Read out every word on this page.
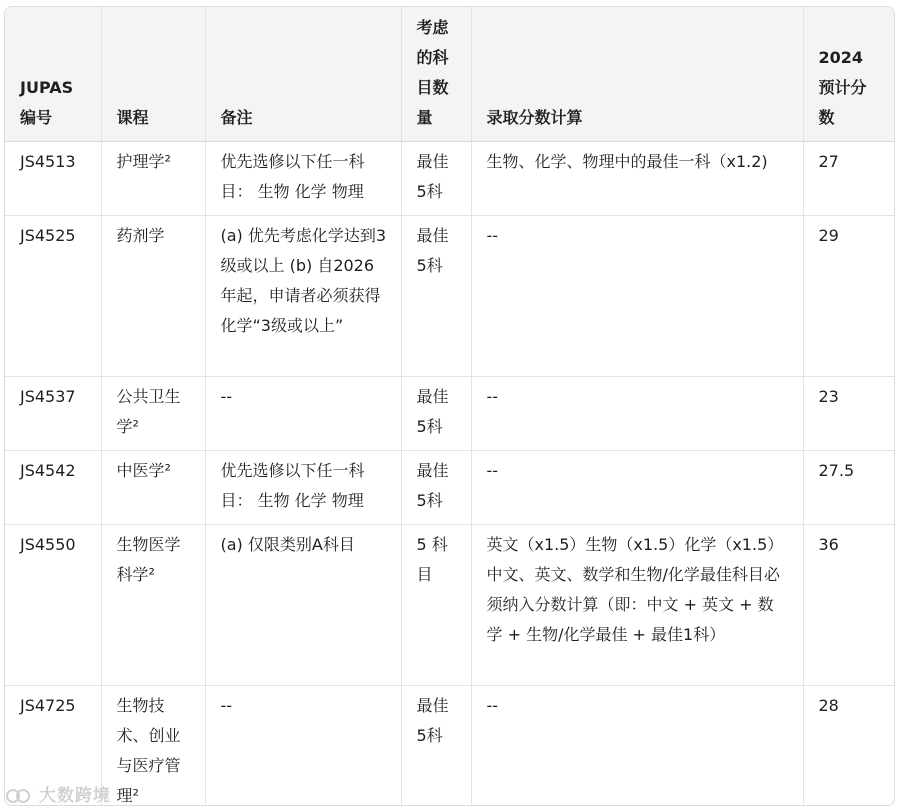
JUPAS 编号	课程	备注	考虑的科目数量	录取分数计算	2024 预计分数
JS4513	护理学²	优先选修以下任一科目： 生物 化学 物理	最佳5科	生物、化学、物理中的最佳一科（x1.2)	27
JS4525	药剂学	(a) 优先考虑化学达到3级或以上 (b) 自2026年起，申请者必须获得化学“3级或以上”	最佳5科	--	29
JS4537	公共卫生学²	--	最佳5科	--	23
JS4542	中医学²	优先选修以下任一科目： 生物 化学 物理	最佳5科	--	27.5
JS4550	生物医学科学²	(a) 仅限类别A科目	5 科目	英文（x1.5）生物（x1.5）化学（x1.5）中文、英文、数学和生物/化学最佳科目必须纳入分数计算（即：中文 + 英文 + 数学 + 生物/化学最佳 + 最佳1科）	36
JS4725	生物技术、创业与医疗管理²	--	最佳5科	--	28
大数跨境
